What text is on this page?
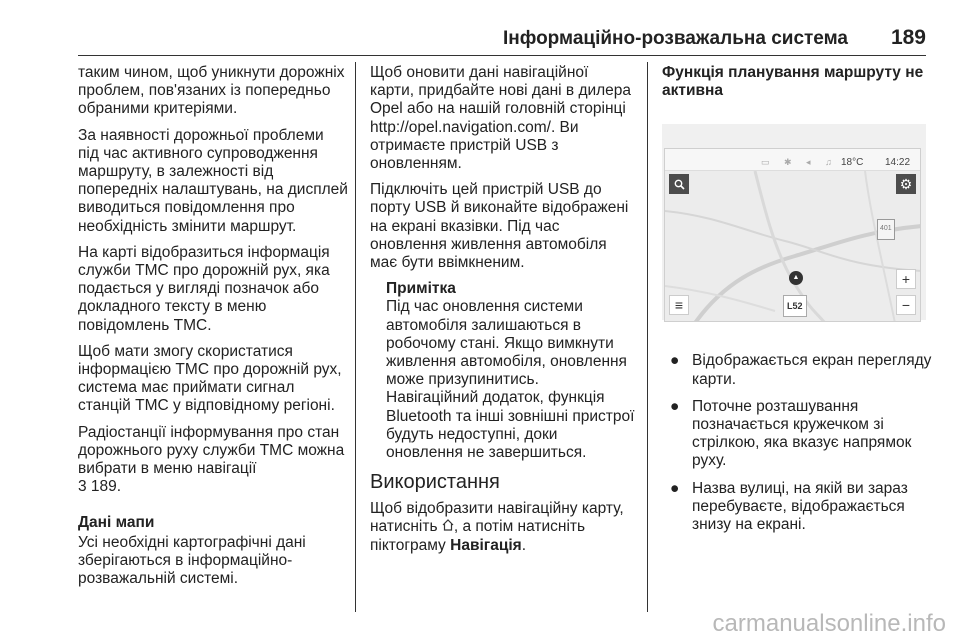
Інформаційно-розважальна система 189

таким чином, щоб уникнути дорожніх проблем, пов'язаних із попередньо обраними критеріями.

За наявності дорожньої проблеми під час активного супроводження маршруту, в залежності від попередніх налаштувань, на дисплей виводиться повідомлення про необхідність змінити маршрут.

На карті відобразиться інформація служби TMC про дорожній рух, яка подається у вигляді позначок або докладного тексту в меню повідомлень TMC.

Щоб мати змогу скористатися інформацією TMC про дорожній рух, система має приймати сигнал станцій TMC у відповідному регіоні.

Радіостанції інформування про стан дорожнього руху служби TMC можна вибрати в меню навігації
3 189.

Дані мапи

Усі необхідні картографічні дані зберігаються в інформаційно-розважальній системі.

Щоб оновити дані навігаційної карти, придбайте нові дані в дилера Opel або на нашій головній сторінці http://opel.navigation.com/. Ви отримаєте пристрій USB з оновленням.

Підключіть цей пристрій USB до порту USB й виконайте відображені на екрані вказівки. Під час оновлення живлення автомобіля має бути ввімкненим.

Примітка
Під час оновлення системи автомобіля залишаються в робочому стані. Якщо вимкнути живлення автомобіля, оновлення може призупинитись. Навігаційний додаток, функція Bluetooth та інші зовнішні пристрої будуть недоступні, доки оновлення не завершиться.
Використання

Щоб відобразити навігаційну карту, натисніть , а потім натисніть піктограму Навігація.

Функція планування маршруту не активна
▭ ✱ ◂ ♫ 18°C 14:22
⚙
401
▲	+
−
≡	L52
● Відображається екран перегляду карти.
● Поточне розташування позначається кружечком зі стрілкою, яка вказує напрямок руху.
● Назва вулиці, на якій ви зараз перебуваєте, відображається знизу на екрані.
carmanualsonline.info
